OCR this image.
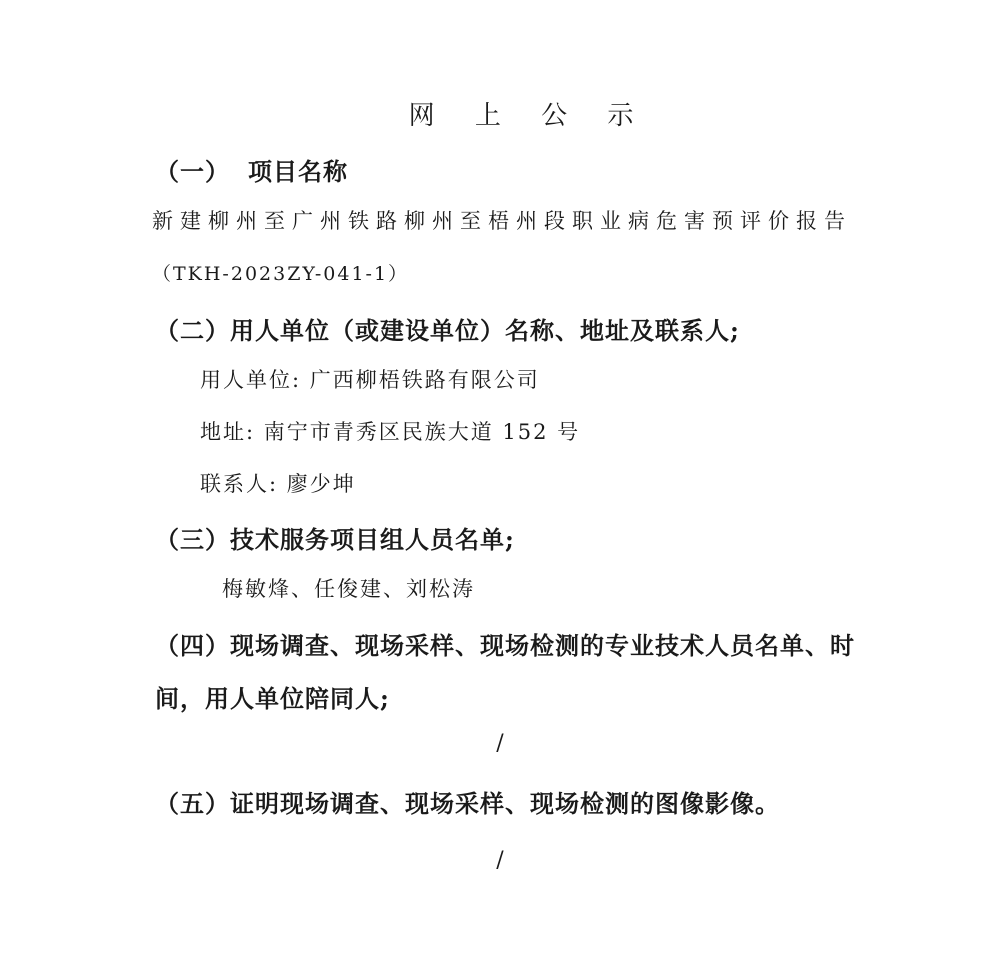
网 上 公 示
（一） 项目名称
新建柳州至广州铁路柳州至梧州段职业病危害预评价报告
（TKH-2023ZY-041-1）
（二）用人单位（或建设单位）名称、地址及联系人;
用人单位: 广西柳梧铁路有限公司
地址: 南宁市青秀区民族大道 152 号
联系人: 廖少坤
（三）技术服务项目组人员名单;
梅敏烽、任俊建、刘松涛
（四）现场调查、现场采样、现场检测的专业技术人员名单、时
间，用人单位陪同人;
/
（五）证明现场调查、现场采样、现场检测的图像影像。
/
